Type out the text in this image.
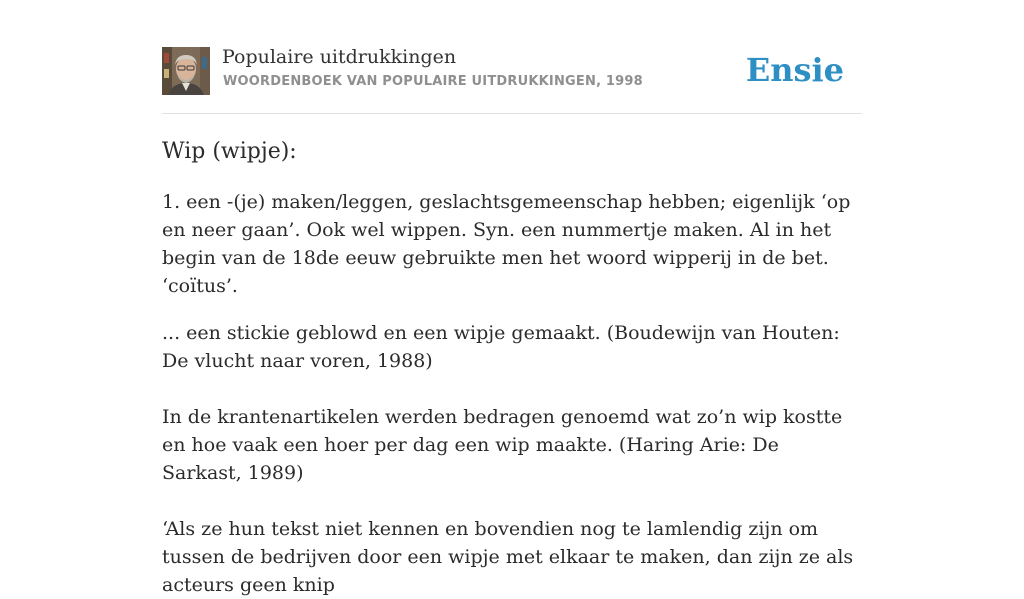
Populaire uitdrukkingen
WOORDENBOEK VAN POPULAIRE UITDRUKKINGEN, 1998	Ensie
Wip (wipje):

1. een -(je) maken/leggen, geslachtsgemeenschap hebben; eigenlijk ‘op en neer gaan’. Ook wel wippen. Syn. een nummertje maken. Al in het begin van de 18de eeuw gebruikte men het woord wipperij in de bet. ‘coïtus’.

... een stickie geblowd en een wipje gemaakt. (Boudewijn van Houten: De vlucht naar voren, 1988)

In de krantenartikelen werden bedragen genoemd wat zo’n wip kostte en hoe vaak een hoer per dag een wip maakte. (Haring Arie: De Sarkast, 1989)

‘Als ze hun tekst niet kennen en bovendien nog te lamlendig zijn om tussen de bedrijven door een wipje met elkaar te maken, dan zijn ze als acteurs geen knip
